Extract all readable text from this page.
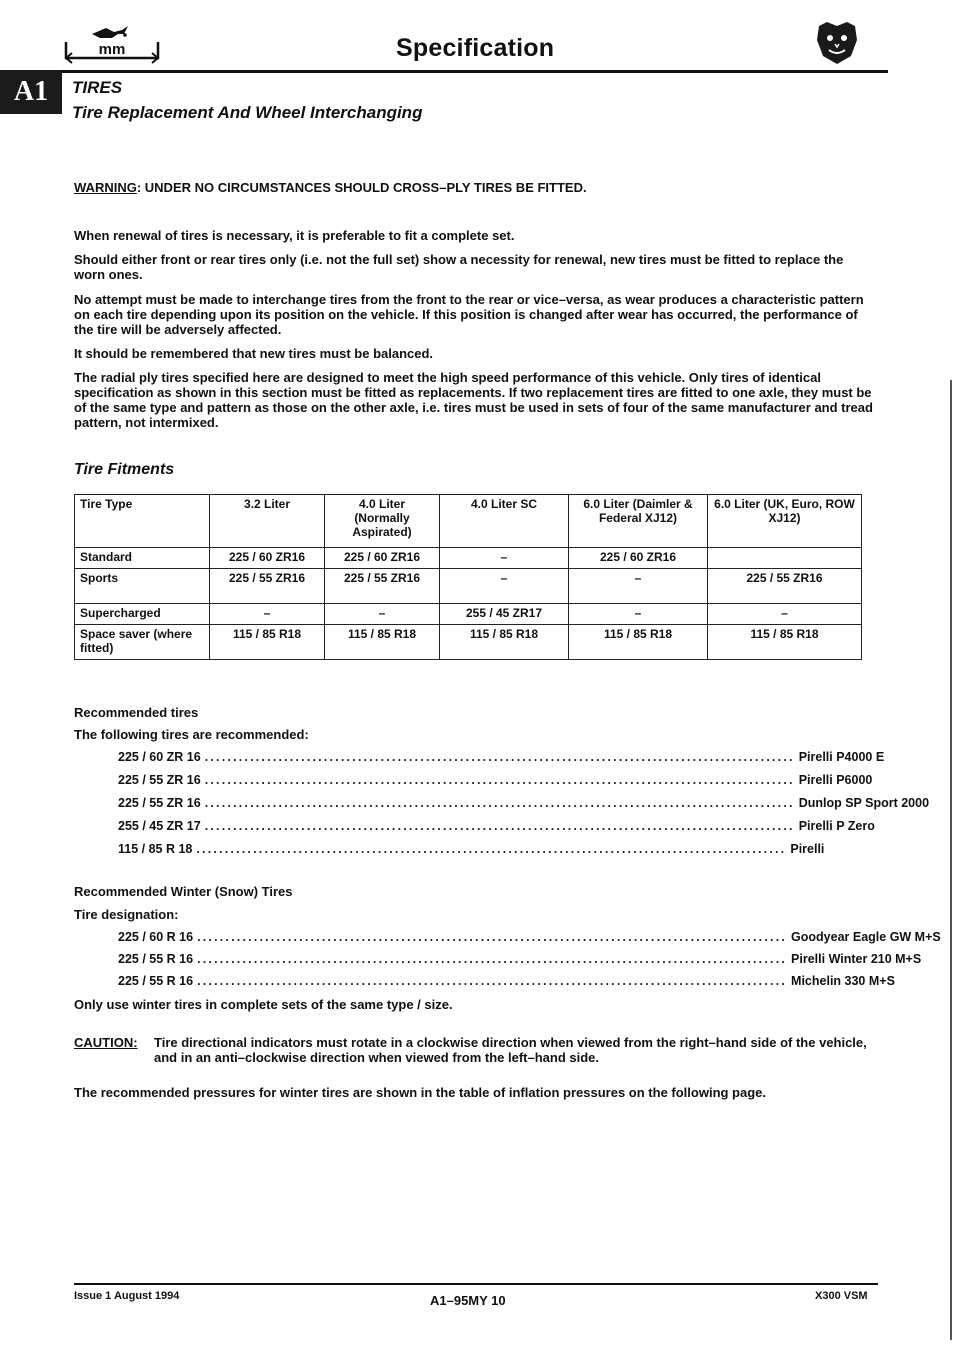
mm	Specification
A1	TIRES
Tire Replacement And Wheel Interchanging
WARNING: UNDER NO CIRCUMSTANCES SHOULD CROSS–PLY TIRES BE FITTED.
When renewal of tires is necessary, it is preferable to fit a complete set.
Should either front or rear tires only (i.e. not the full set) show a necessity for renewal, new tires must be fitted to replace the worn ones.
No attempt must be made to interchange tires from the front to the rear or vice–versa, as wear produces a characteristic pattern on each tire depending upon its position on the vehicle. If this position is changed after wear has occurred, the performance of the tire will be adversely affected.
It should be remembered that new tires must be balanced.
The radial ply tires specified here are designed to meet the high speed performance of this vehicle. Only tires of identical specification as shown in this section must be fitted as replacements. If two replacement tires are fitted to one axle, they must be of the same type and pattern as those on the other axle, i.e. tires must be used in sets of four of the same manufacturer and tread pattern, not intermixed.
Tire Fitments
Tire Type	3.2 Liter	4.0 Liter (Normally Aspirated)	4.0 Liter SC	6.0 Liter (Daimler & Federal XJ12)	6.0 Liter (UK, Euro, ROW XJ12)
Standard	225 / 60 ZR16	225 / 60 ZR16	–	225 / 60 ZR16	
Sports	225 / 55 ZR16	225 / 55 ZR16	–	–	225 / 55 ZR16
Supercharged	–	–	255 / 45 ZR17	–	–
Space saver (where fitted)	115 / 85 R18	115 / 85 R18	115 / 85 R18	115 / 85 R18	115 / 85 R18
Recommended tires
The following tires are recommended:
225 / 60 ZR 16 ........................................................................................................ Pirelli P4000 E
225 / 55 ZR 16 ........................................................................................................ Pirelli P6000
225 / 55 ZR 16 ........................................................................................................ Dunlop SP Sport 2000
255 / 45 ZR 17 ........................................................................................................ Pirelli P Zero
115 / 85 R 18 ........................................................................................................ Pirelli
Recommended Winter (Snow) Tires
Tire designation:
225 / 60 R 16 ........................................................................................................ Goodyear Eagle GW M+S
225 / 55 R 16 ........................................................................................................ Pirelli Winter 210 M+S
225 / 55 R 16 ........................................................................................................ Michelin 330 M+S
Only use winter tires in complete sets of the same type / size.
CAUTION:	Tire directional indicators must rotate in a clockwise direction when viewed from the right–hand side of the vehicle, and in an anti–clockwise direction when viewed from the left–hand side.
The recommended pressures for winter tires are shown in the table of inflation pressures on the following page.
Issue 1 August 1994	A1–95MY 10	X300 VSM
